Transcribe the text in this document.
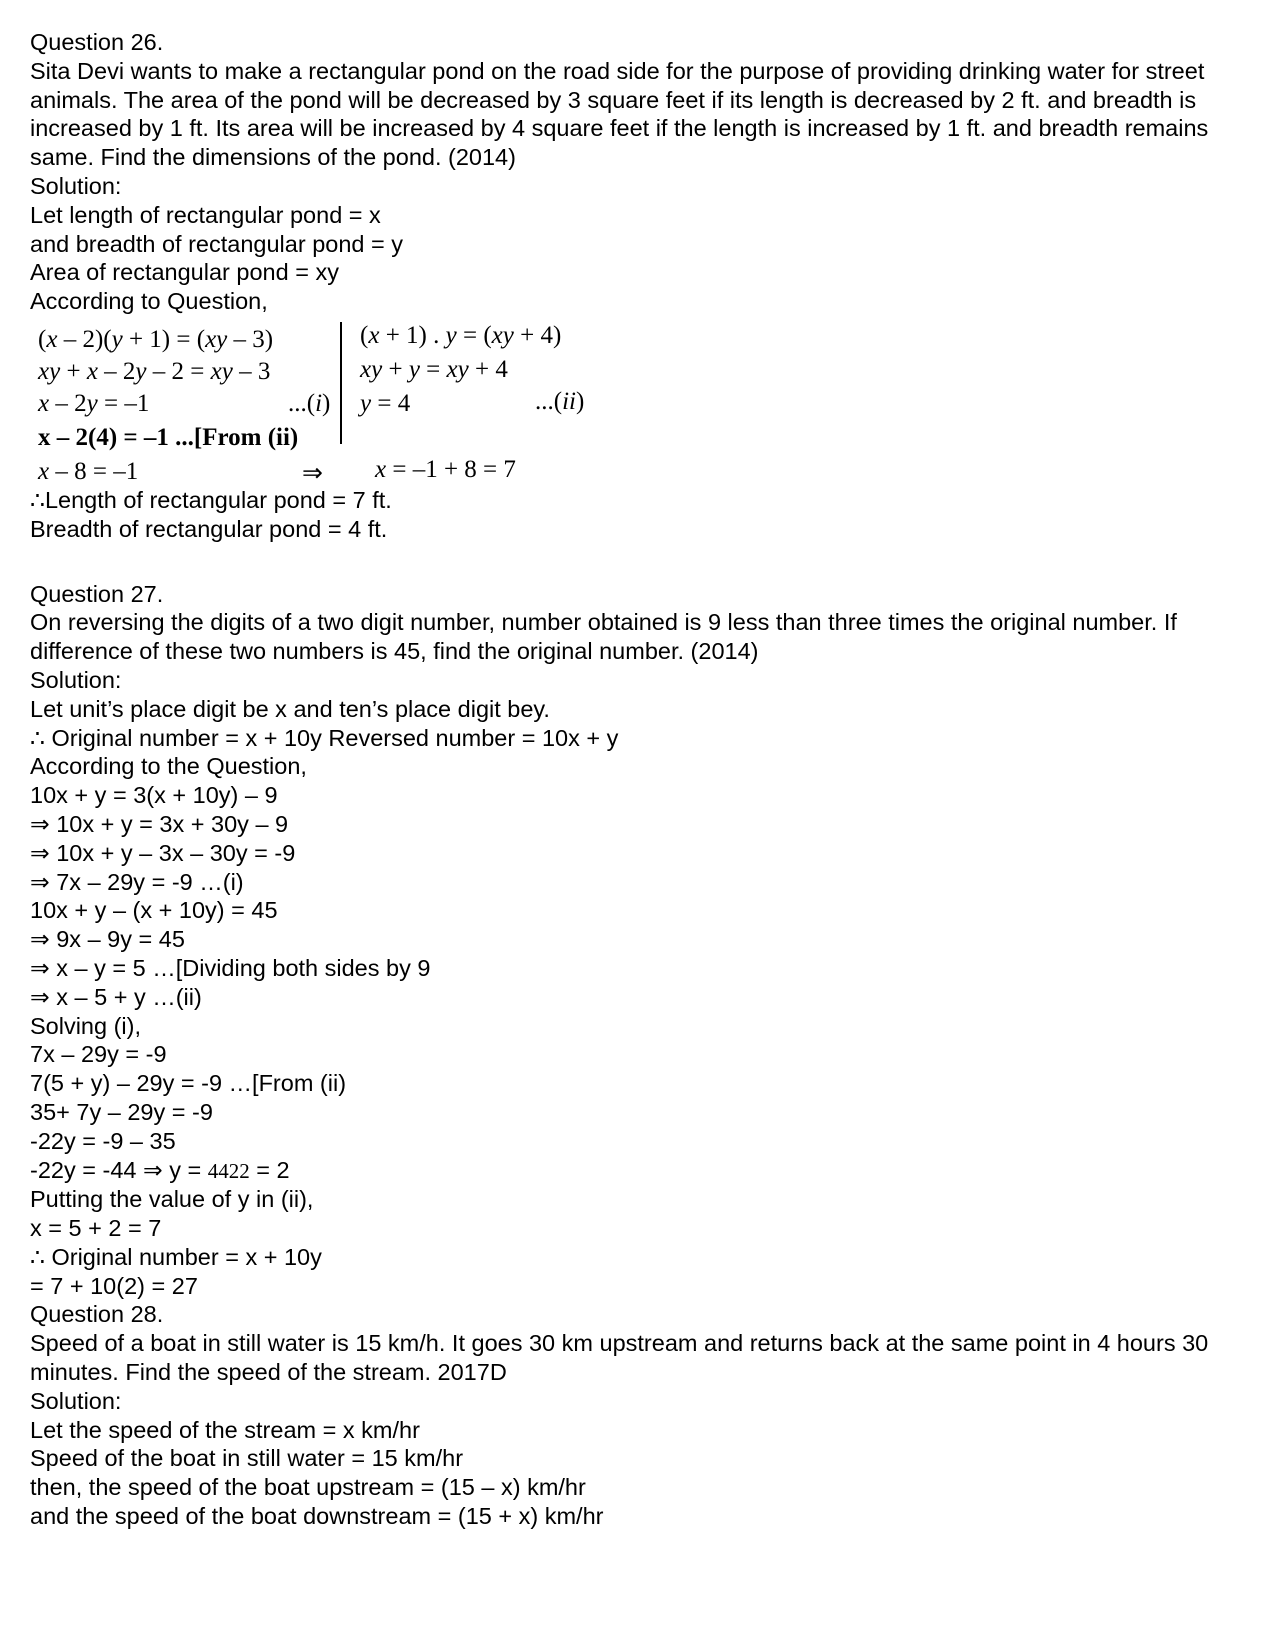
Question 26.

Sita Devi wants to make a rectangular pond on the road side for the purpose of providing drinking water for street animals. The area of the pond will be decreased by 3 square feet if its length is decreased by 2 ft. and breadth is increased by 1 ft. Its area will be increased by 4 square feet if the length is increased by 1 ft. and breadth remains same. Find the dimensions of the pond. (2014)

Solution:

Let length of rectangular pond = x

and breadth of rectangular pond = y

Area of rectangular pond = xy

According to Question,

(x – 2)(y + 1) = (xy – 3)	(x + 1) . y = (xy + 4)
xy + x – 2y – 2 = xy – 3	xy + y = xy + 4
x – 2y = –1	...(i) y = 4	...(ii)
x – 2(4) = –1 ...[From (ii)
x – 8 = –1	⇒ x = –1 + 8 = 7

∴Length of rectangular pond = 7 ft.

Breadth of rectangular pond = 4 ft.

Question 27.

On reversing the digits of a two digit number, number obtained is 9 less than three times the original number. If difference of these two numbers is 45, find the original number. (2014)

Solution:

Let unit’s place digit be x and ten’s place digit bey.

∴ Original number = x + 10y Reversed number = 10x + y

According to the Question,

10x + y = 3(x + 10y) – 9

⇒ 10x + y = 3x + 30y – 9

⇒ 10x + y – 3x – 30y = -9

⇒ 7x – 29y = -9 …(i)

10x + y – (x + 10y) = 45

⇒ 9x – 9y = 45

⇒ x – y = 5 …[Dividing both sides by 9

⇒ x – 5 + y …(ii)

Solving (i),

7x – 29y = -9

7(5 + y) – 29y = -9 …[From (ii)

35+ 7y – 29y = -9

-22y = -9 – 35

-22y = -44 ⇒ y = 4422 = 2

Putting the value of y in (ii),

x = 5 + 2 = 7

∴ Original number = x + 10y

= 7 + 10(2) = 27

Question 28.

Speed of a boat in still water is 15 km/h. It goes 30 km upstream and returns back at the same point in 4 hours 30 minutes. Find the speed of the stream. 2017D

Solution:

Let the speed of the stream = x km/hr

Speed of the boat in still water = 15 km/hr

then, the speed of the boat upstream = (15 – x) km/hr

and the speed of the boat downstream = (15 + x) km/hr
